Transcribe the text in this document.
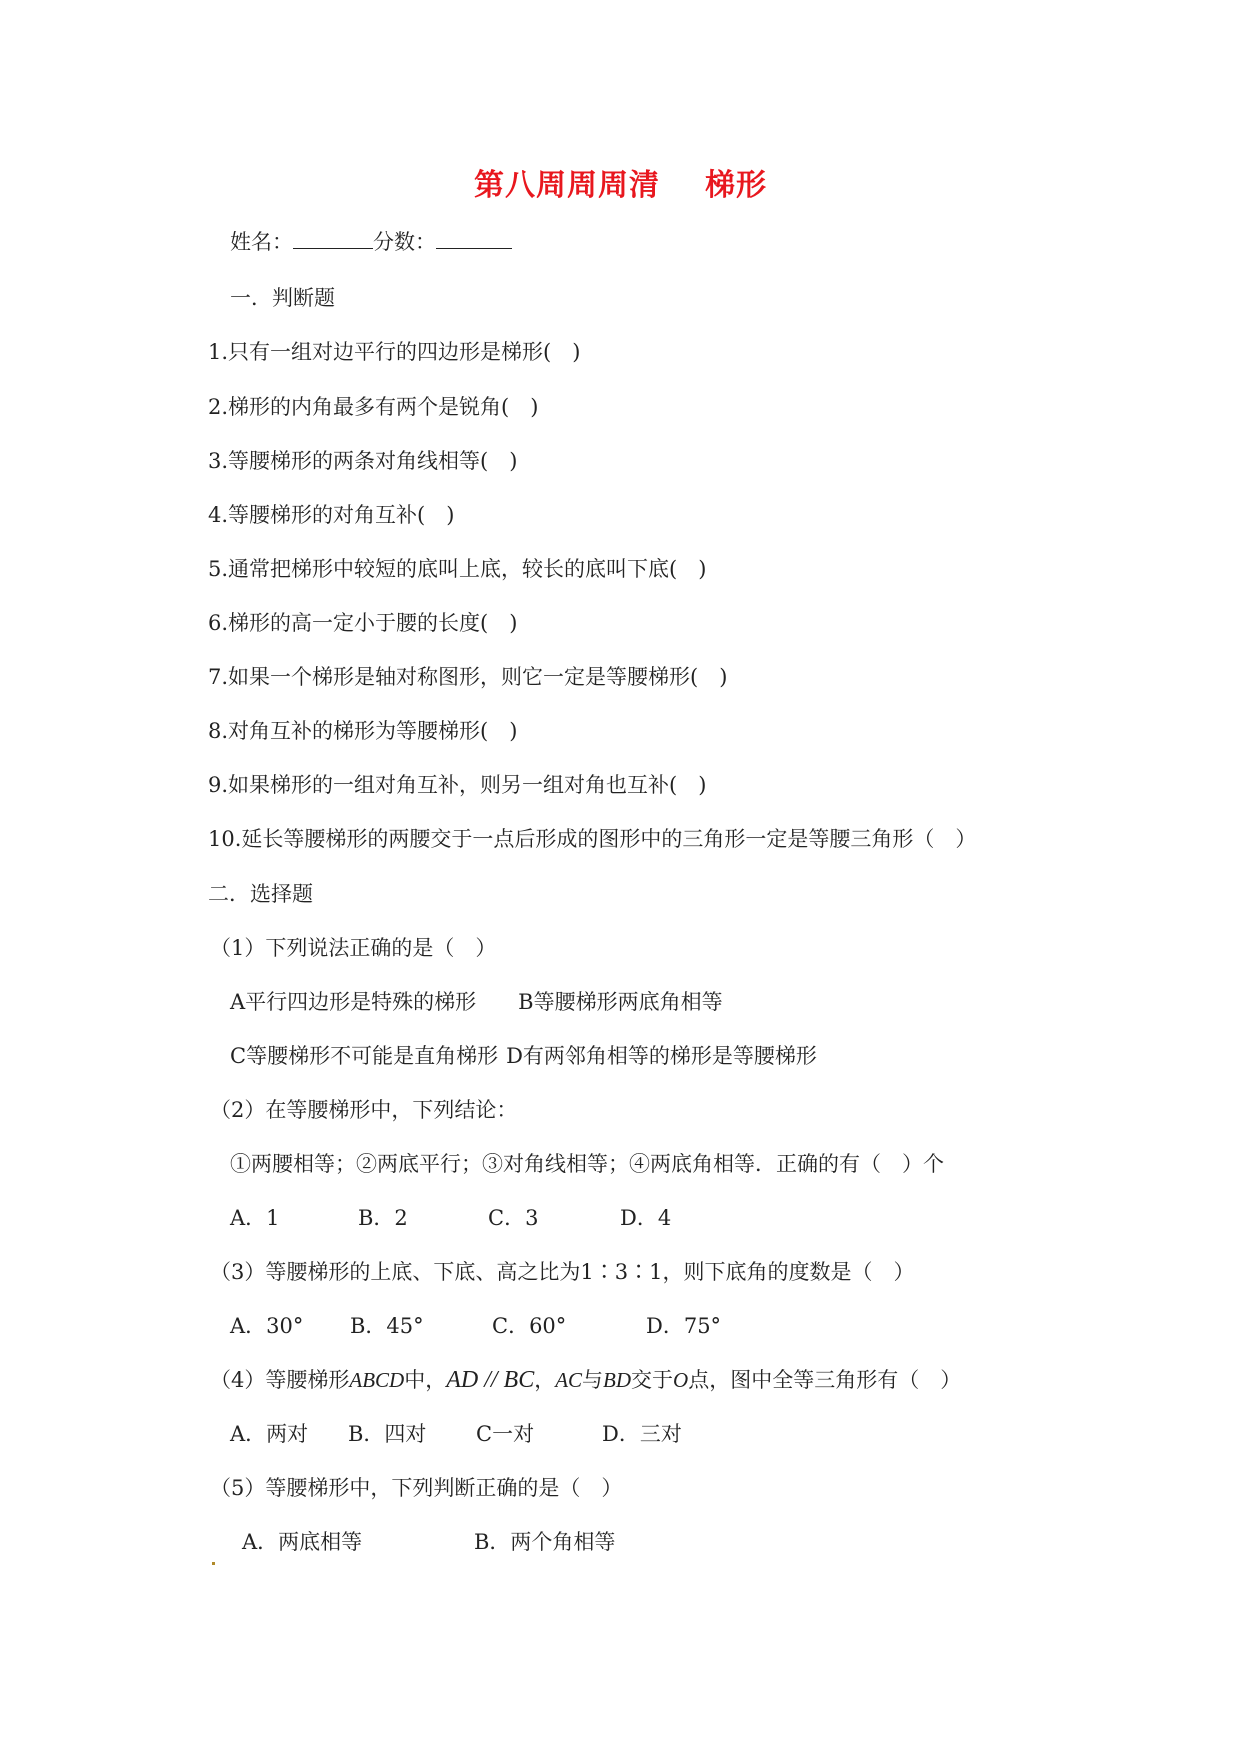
第八周周周清 梯形
姓名：	分数：
一．判断题
1.只有一组对边平行的四边形是梯形(　)
2.梯形的内角最多有两个是锐角(　)
3.等腰梯形的两条对角线相等(　)
4.等腰梯形的对角互补(　)
5.通常把梯形中较短的底叫上底，较长的底叫下底(　)
6.梯形的高一定小于腰的长度(　)
7.如果一个梯形是轴对称图形，则它一定是等腰梯形(　)
8.对角互补的梯形为等腰梯形(　)
9.如果梯形的一组对角互补，则另一组对角也互补(　)
10.延长等腰梯形的两腰交于一点后形成的图形中的三角形一定是等腰三角形（　）
二．选择题
（1）下列说法正确的是（　）
A平行四边形是特殊的梯形 B等腰梯形两底角相等
C等腰梯形不可能是直角梯形 D有两邻角相等的梯形是等腰梯形
（2）在等腰梯形中，下列结论：
①两腰相等；②两底平行；③对角线相等；④两底角相等．正确的有（　）个
A．1	B．2	C．3	D．4
（3）等腰梯形的上底、下底、高之比为1∶3∶1，则下底角的度数是（　）
A．30° B．45°	C．60°	D．75°
（4）等腰梯形ABCD中，AD // BC，AC与BD交于O点，图中全等三角形有（　）
A．两对 B．四对 C一对	D．三对
（5）等腰梯形中，下列判断正确的是（　）
A．两底相等	B．两个角相等
